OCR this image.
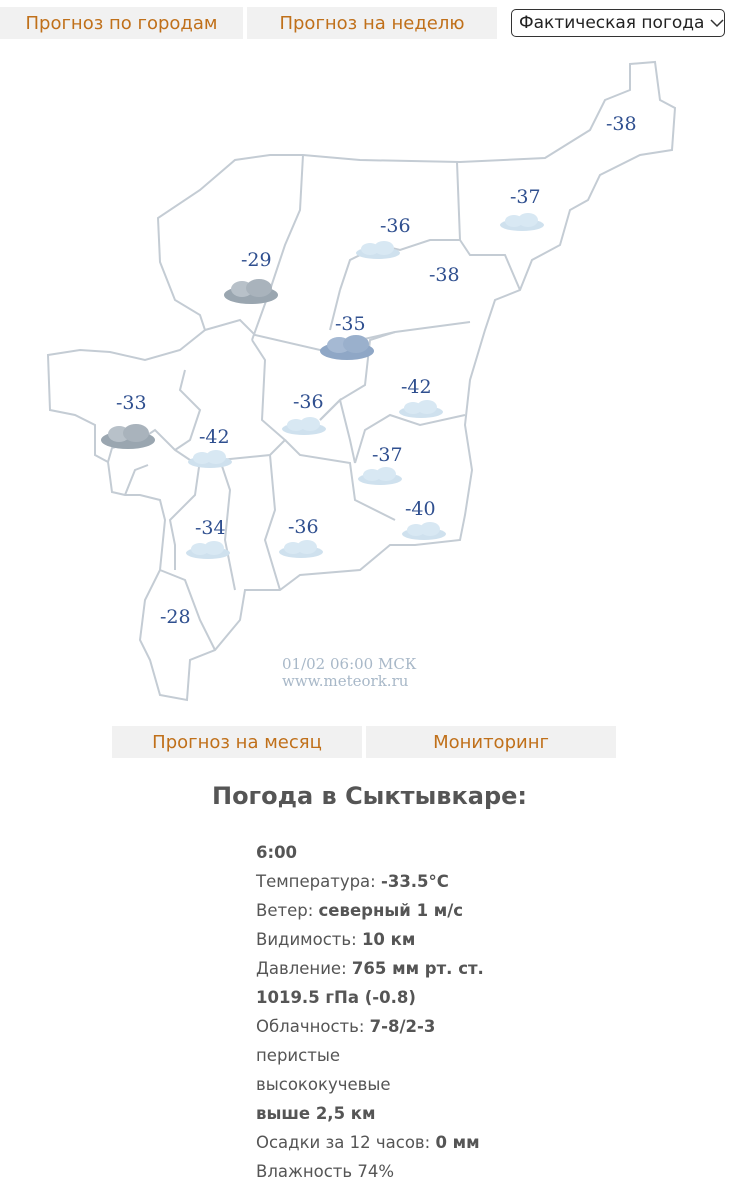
Прогноз по городам	Прогноз на неделю	Фактическая погода
-38
-37
-36
-29
-38
-35
-33
-42
-36
-42
-37
-40
-34	-36
-28
01/02 06:00 МСК
www.meteork.ru
Прогноз на месяц	Мониторинг
Погода в Сыктывкаре:
6:00
Температура: -33.5°C
Ветер: северный 1 м/с
Видимость: 10 км
Давление: 765 мм рт. ст.
1019.5 гПа (-0.8)
Облачность: 7-8/2-3
перистые
высококучевые
выше 2,5 км
Осадки за 12 часов: 0 мм
Влажность 74%
